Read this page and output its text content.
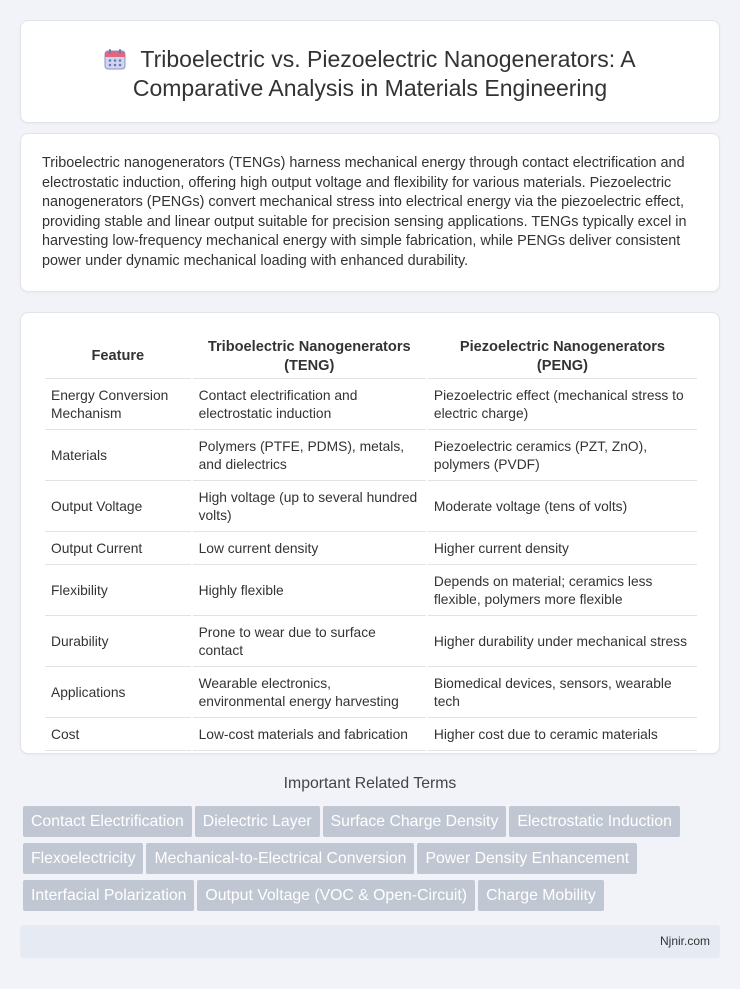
Triboelectric vs. Piezoelectric Nanogenerators: A Comparative Analysis in Materials Engineering

Triboelectric nanogenerators (TENGs) harness mechanical energy through contact electrification and electrostatic induction, offering high output voltage and flexibility for various materials. Piezoelectric nanogenerators (PENGs) convert mechanical stress into electrical energy via the piezoelectric effect, providing stable and linear output suitable for precision sensing applications. TENGs typically excel in harvesting low-frequency mechanical energy with simple fabrication, while PENGs deliver consistent power under dynamic mechanical loading with enhanced durability.

Feature	Triboelectric Nanogenerators (TENG)	Piezoelectric Nanogenerators (PENG)
Energy Conversion Mechanism	Contact electrification and electrostatic induction	Piezoelectric effect (mechanical stress to electric charge)
Materials	Polymers (PTFE, PDMS), metals, and dielectrics	Piezoelectric ceramics (PZT, ZnO), polymers (PVDF)
Output Voltage	High voltage (up to several hundred volts)	Moderate voltage (tens of volts)
Output Current	Low current density	Higher current density
Flexibility	Highly flexible	Depends on material; ceramics less flexible, polymers more flexible
Durability	Prone to wear due to surface contact	Higher durability under mechanical stress
Applications	Wearable electronics, environmental energy harvesting	Biomedical devices, sensors, wearable tech
Cost	Low-cost materials and fabrication	Higher cost due to ceramic materials
Important Related Terms
Contact Electrification Dielectric Layer Surface Charge Density Electrostatic Induction
Flexoelectricity Mechanical-to-Electrical Conversion Power Density Enhancement
Interfacial Polarization Output Voltage (VOC & Open-Circuit) Charge Mobility
Njnir.com
